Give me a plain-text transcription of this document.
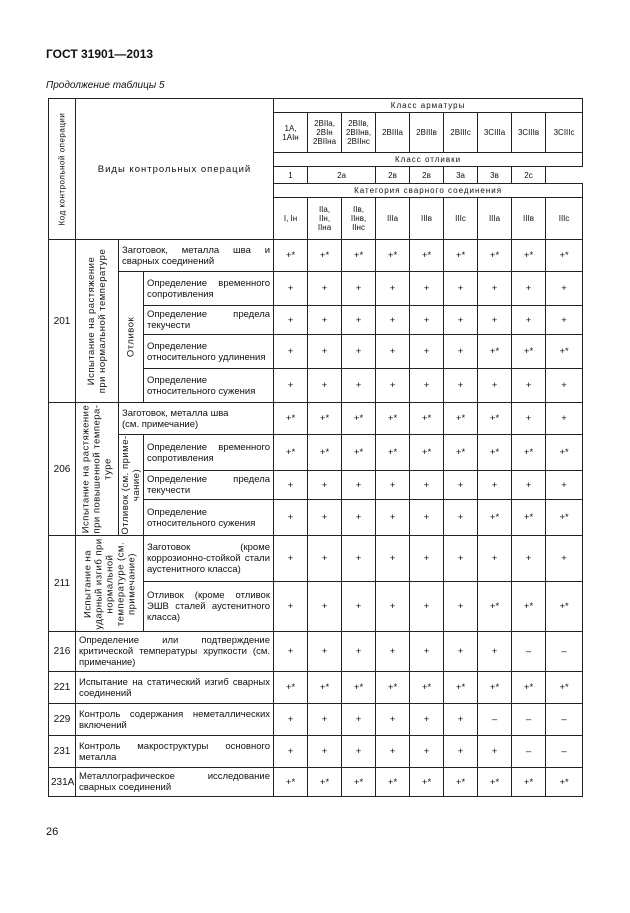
ГОСТ 31901—2013
Продолжение таблицы 5
Код контрольной операции	Виды контрольных операций			Класс арматуры								
				1А,
1АIн	2ВIIа,
2ВIн
2ВIIна	2ВIIв,
2ВIIнв,
2ВIIнс	2ВIIIа	2ВIIIв	2ВIIIс	3СIIIа	3СIIIв	3СIIIс
				Класс отливки								
				1	2а		2в	2в	3а	3в	2с	
				Категория сварного соединения								
				I, Iн	IIа,
IIн,
IIна	IIв,
IIнв,
IIнс	IIIа	IIIв	IIIс	IIIа	IIIв	IIIс
201	Испытание на растяжение
при нормальной температуре	Заготовок, металла шва и сварных соединений		+*	+*	+*	+*	+*	+*	+*	+*	+*

		Отливок	Определение временного сопротивления	+	+	+	+	+	+	+	+	+
			Определение предела текучести	+	+	+	+	+	+	+	+	+
			Определение относительного удлинения	+	+	+	+	+	+	+*	+*	+*
			Определение относительного сужения	+	+	+	+	+	+	+	+	+
206	Испытание на растяжение
при повышенной темпера-
туре	Заготовок, металла шва
(см. примечание)		+*	+*	+*	+*	+*	+*	+*	+	+

		Отливок (см. приме-
чание)	Определение временного сопротивления	+*	+*	+*	+*	+*	+*	+*	+*	+*
			Определение предела текучести	+	+	+	+	+	+	+	+	+
			Определение относительного сужения	+	+	+	+	+	+	+*	+*	+*
211	Испытание на
ударный изгиб при
нормальной
температуре (см.
примечание)		Заготовок (кроме коррозионно-стойкой стали аустенитного класса)	+	+	+	+	+	+	+	+	+
			Отливок (кроме отливок ЭШВ сталей аустенитного класса)	+	+	+	+	+	+	+*	+*	+*
216	Определение или подтверждение критической температуры хрупкости (см. примечание)			+	+	+	+	+	+	+	–	–
221	Испытание на статический изгиб сварных соединений			+*	+*	+*	+*	+*	+*	+*	+*	+*
229	Контроль содержания неметаллических включений			+	+	+	+	+	+	–	–	–
231	Контроль макроструктуры основного металла			+	+	+	+	+	+	+	–	–
231А	Металлографическое исследование сварных соединений			+*	+*	+*	+*	+*	+*	+*	+*	+*
26
